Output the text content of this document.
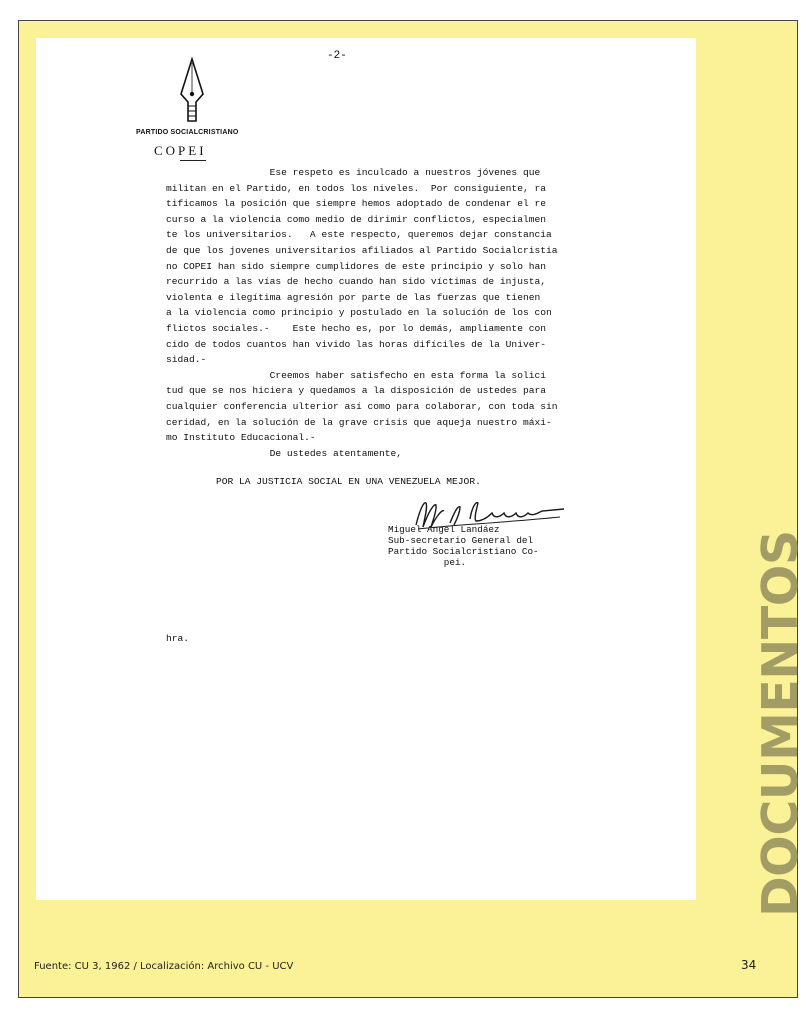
-2-
PARTIDO SOCIALCRISTIANO
COPEI
Ese respeto es inculcado a nuestros jóvenes que
militan en el Partido, en todos los niveles.  Por consiguiente, ra
tificamos la posición que siempre hemos adoptado de condenar el re
curso a la violencia como medio de dirimir conflictos, especialmen
te los universitarios.   A este respecto, queremos dejar constancia
de que los jovenes universitarios afiliados al Partido Socialcristia
no COPEI han sido siempre cumplidores de este principio y solo han
recurrido a las vías de hecho cuando han sido víctimas de injusta,
violenta e ilegítima agresión por parte de las fuerzas que tienen
a la violencia como principio y postulado en la solución de los con
flictos sociales.-    Este hecho es, por lo demás, ampliamente con
cido de todos cuantos han vivido las horas difíciles de la Univer-
sidad.-
Creemos haber satisfecho en esta forma la solici
tud que se nos hiciera y quedamos a la disposición de ustedes para
cualquier conferencia ulterior así como para colaborar, con toda sin
ceridad, en la solución de la grave crisis que aqueja nuestro máxi-
mo Instituto Educacional.-
De ustedes atentamente,
POR LA JUSTICIA SOCIAL EN UNA VENEZUELA MEJOR.
Miguel Angel Landáez
Sub-secretario General del
Partido Socialcristiano Co-
pei.
hra.	DOCUMENTOS
Fuente: CU 3, 1962 / Localización: Archivo CU - UCV	34
